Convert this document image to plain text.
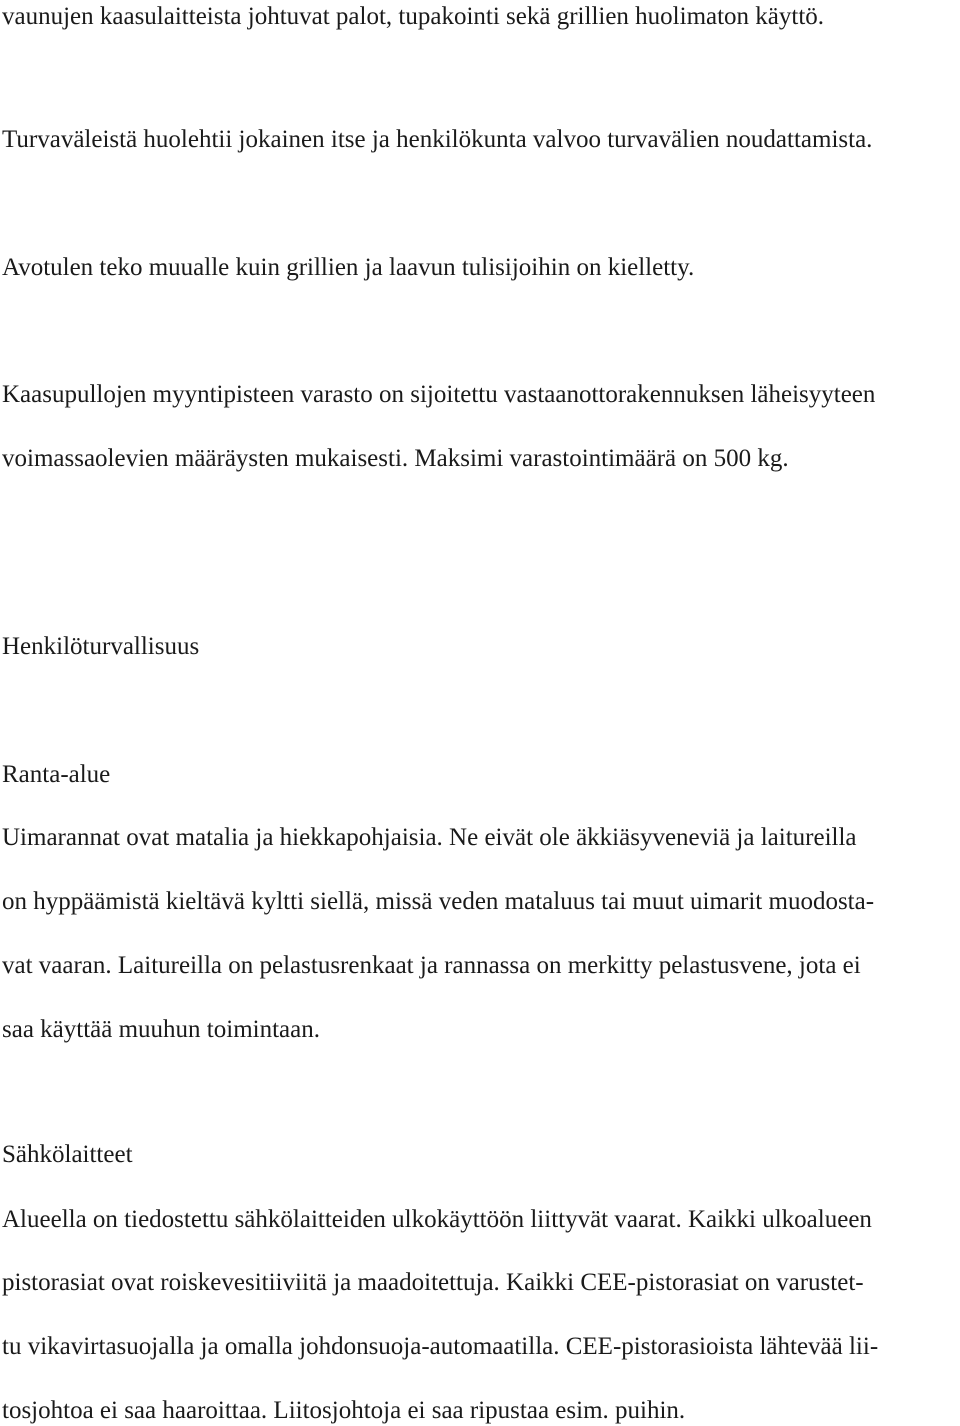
vaunujen kaasulaitteista johtuvat palot, tupakointi sekä grillien huolimaton käyttö.
Turvaväleistä huolehtii jokainen itse ja henkilökunta valvoo turvavälien noudattamista.
Avotulen teko muualle kuin grillien ja laavun tulisijoihin on kielletty.
Kaasupullojen myyntipisteen varasto on sijoitettu vastaanottorakennuksen läheisyyteen
voimassaolevien määräysten mukaisesti. Maksimi varastointimäärä on 500 kg.
Henkilöturvallisuus
Ranta-alue
Uimarannat ovat matalia ja hiekkapohjaisia. Ne eivät ole äkkiäsyveneviä ja laitureilla
on hyppäämistä kieltävä kyltti siellä, missä veden mataluus tai muut uimarit muodosta-
vat vaaran. Laitureilla on pelastusrenkaat ja rannassa on merkitty pelastusvene, jota ei
saa käyttää muuhun toimintaan.
Sähkölaitteet
Alueella on tiedostettu sähkölaitteiden ulkokäyttöön liittyvät vaarat. Kaikki ulkoalueen
pistorasiat ovat roiskevesitiiviitä ja maadoitettuja. Kaikki CEE-pistorasiat on varustet-
tu vikavirtasuojalla ja omalla johdonsuoja-automaatilla. CEE-pistorasioista lähtevää lii-
tosjohtoa ei saa haaroittaa. Liitosjohtoja ei saa ripustaa esim. puihin.
